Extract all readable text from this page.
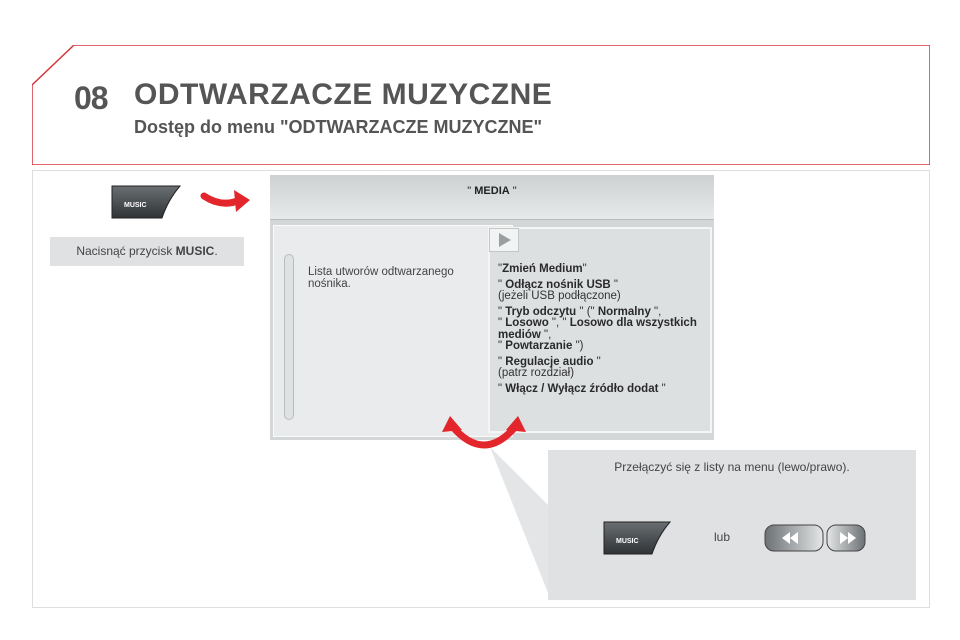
08 ODTWARZACZE MUZYCZNE
Dostęp do menu "ODTWARZACZE MUZYCZNE"
MUSIC
Nacisnąć przycisk MUSIC.
" MEDIA "
Lista utworów odtwarzanego nośnika.
"Zmień Medium"
" Odłącz nośnik USB "
(jeżeli USB podłączone)
" Tryb odczytu " (" Normalny ",
" Losowo ", " Losowo dla wszystkich mediów ",
" Powtarzanie ")
" Regulacje audio "
(patrz rozdział)
" Włącz / Wyłącz źródło dodat "
Przełączyć się z listy na menu (lewo/prawo).
MUSIC	lub
